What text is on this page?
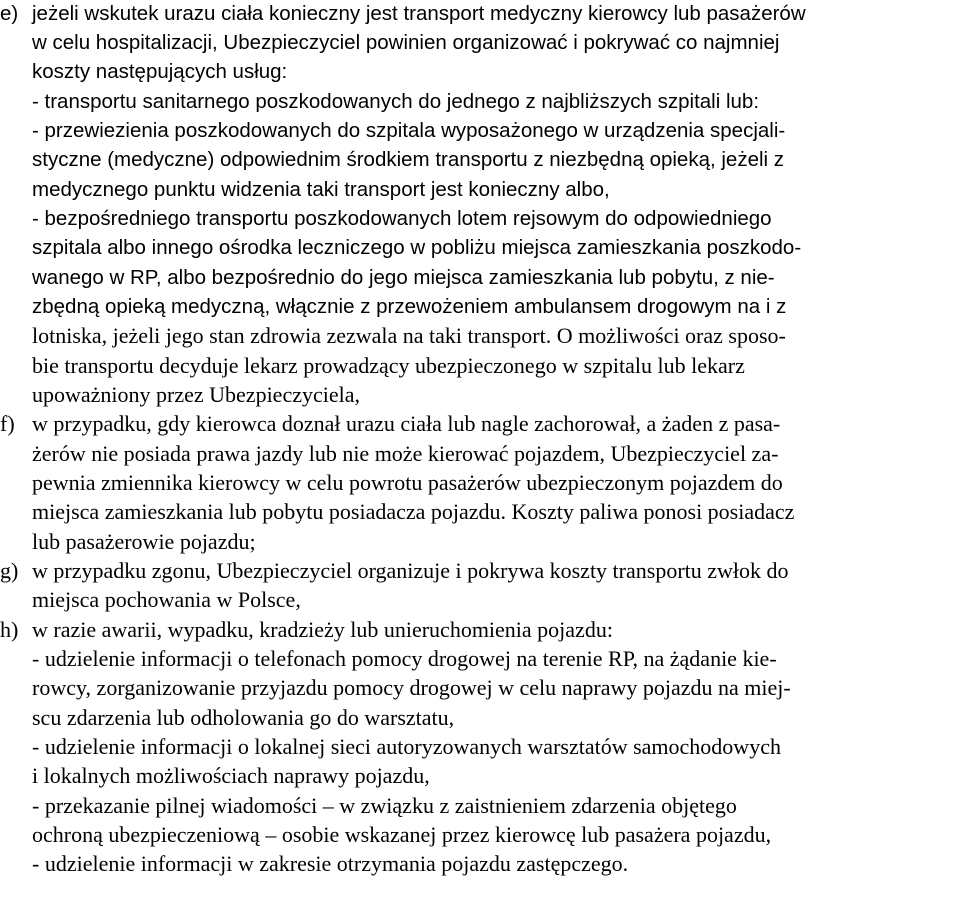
e) jeżeli wskutek urazu ciała konieczny jest transport medyczny kierowcy lub pasażerów
w celu hospitalizacji, Ubezpieczyciel powinien organizować i pokrywać co najmniej
koszty następujących usług:
- transportu sanitarnego poszkodowanych do jednego z najbliższych szpitali lub:
- przewiezienia poszkodowanych do szpitala wyposażonego w urządzenia specjali-
styczne (medyczne) odpowiednim środkiem transportu z niezbędną opieką, jeżeli z
medycznego punktu widzenia taki transport jest konieczny albo,
- bezpośredniego transportu poszkodowanych lotem rejsowym do odpowiedniego
szpitala albo innego ośrodka leczniczego w pobliżu miejsca zamieszkania poszkodo-
wanego w RP, albo bezpośrednio do jego miejsca zamieszkania lub pobytu, z nie-
zbędną opieką medyczną, włącznie z przewożeniem ambulansem drogowym na i z
lotniska, jeżeli jego stan zdrowia zezwala na taki transport. O możliwości oraz sposo-
bie transportu decyduje lekarz prowadzący ubezpieczonego w szpitalu lub lekarz
upoważniony przez Ubezpieczyciela,
f) w przypadku, gdy kierowca doznał urazu ciała lub nagle zachorował, a żaden z pasa-
żerów nie posiada prawa jazdy lub nie może kierować pojazdem, Ubezpieczyciel za-
pewnia zmiennika kierowcy w celu powrotu pasażerów ubezpieczonym pojazdem do
miejsca zamieszkania lub pobytu posiadacza pojazdu. Koszty paliwa ponosi posiadacz
lub pasażerowie pojazdu;
g) w przypadku zgonu, Ubezpieczyciel organizuje i pokrywa koszty transportu zwłok do
miejsca pochowania w Polsce,
h) w razie awarii, wypadku, kradzieży lub unieruchomienia pojazdu:
- udzielenie informacji o telefonach pomocy drogowej na terenie RP, na żądanie kie-
rowcy, zorganizowanie przyjazdu pomocy drogowej w celu naprawy pojazdu na miej-
scu zdarzenia lub odholowania go do warsztatu,
- udzielenie informacji o lokalnej sieci autoryzowanych warsztatów samochodowych
i lokalnych możliwościach naprawy pojazdu,
- przekazanie pilnej wiadomości – w związku z zaistnieniem zdarzenia objętego
ochroną ubezpieczeniową – osobie wskazanej przez kierowcę lub pasażera pojazdu,
- udzielenie informacji w zakresie otrzymania pojazdu zastępczego.
